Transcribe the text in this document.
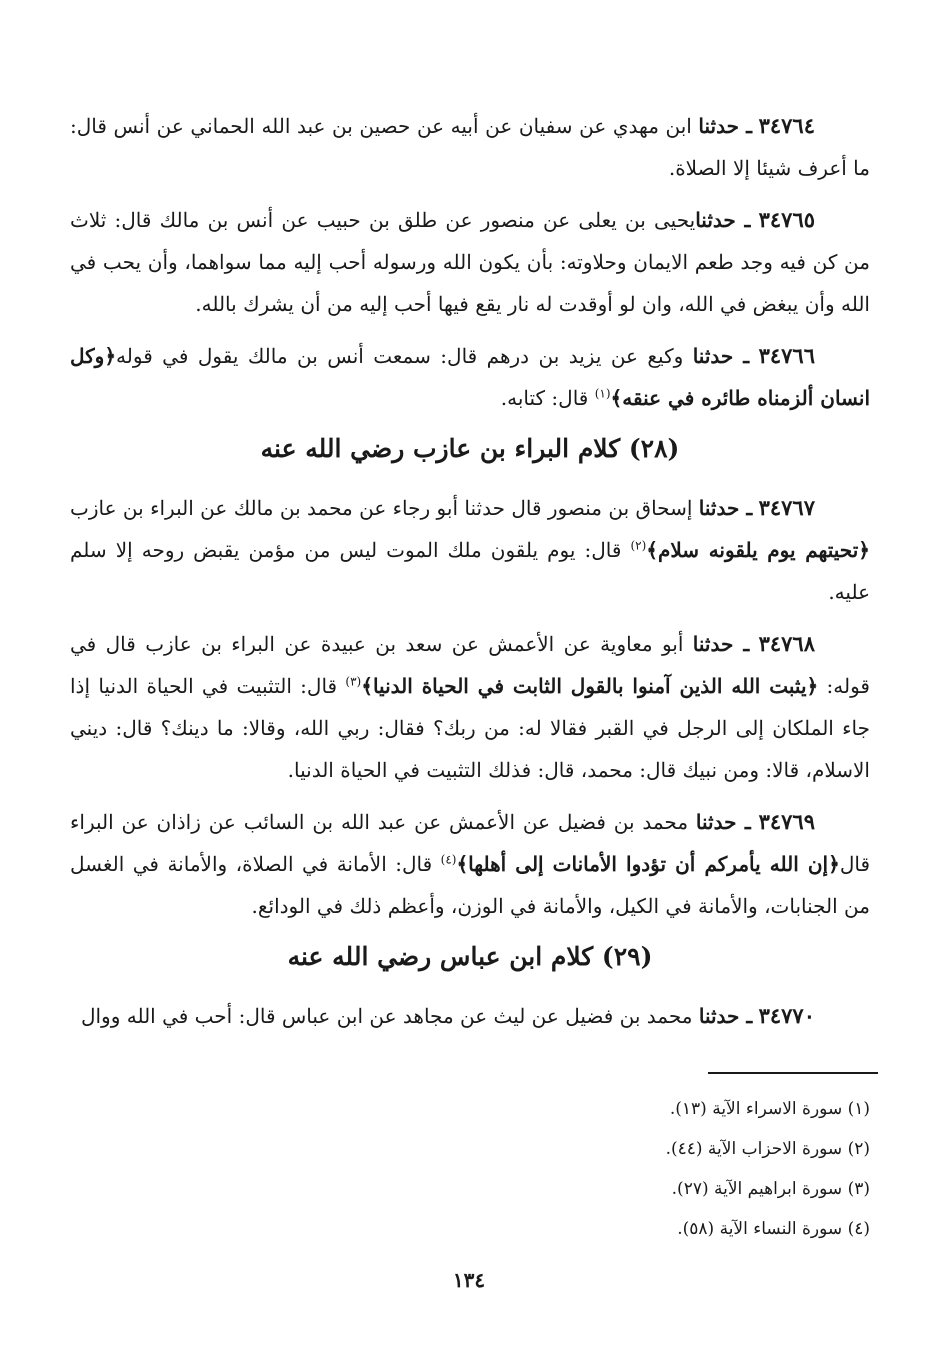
٣٤٧٦٤ ـ حدثنا ابن مهدي عن سفيان عن أبيه عن حصين بن عبد الله الحماني عن أنس قال: ما أعرف شيئا إلا الصلاة.

٣٤٧٦٥ ـ حدثنايحيى بن يعلى عن منصور عن طلق بن حبيب عن أنس بن مالك قال: ثلاث من كن فيه وجد طعم الايمان وحلاوته: بأن يكون الله ورسوله أحب إليه مما سواهما، وأن يحب في الله وأن يبغض في الله، وان لو أوقدت له نار يقع فيها أحب إليه من أن يشرك بالله.

٣٤٧٦٦ ـ حدثنا وكيع عن يزيد بن درهم قال: سمعت أنس بن مالك يقول في قوله﴿وكل انسان ألزمناه طائره في عنقه﴾$^{(١)}$ قال: كتابه.

(٢٨) كلام البراء بن عازب رضي الله عنه

٣٤٧٦٧ ـ حدثنا إسحاق بن منصور قال حدثنا أبو رجاء عن محمد بن مالك عن البراء بن عازب ﴿تحيتهم يوم يلقونه سلام﴾$^{(٢)}$ قال: يوم يلقون ملك الموت ليس من مؤمن يقبض روحه إلا سلم عليه.

٣٤٧٦٨ ـ حدثنا أبو معاوية عن الأعمش عن سعد بن عبيدة عن البراء بن عازب قال في قوله: ﴿يثبت الله الذين آمنوا بالقول الثابت في الحياة الدنيا﴾$^{(٣)}$ قال: التثبيت في الحياة الدنيا إذا جاء الملكان إلى الرجل في القبر فقالا له: من ربك؟ فقال: ربي الله، وقالا: ما دينك؟ قال: ديني الاسلام، قالا: ومن نبيك قال: محمد، قال: فذلك التثبيت في الحياة الدنيا.

٣٤٧٦٩ ـ حدثنا محمد بن فضيل عن الأعمش عن عبد الله بن السائب عن زاذان عن البراء قال﴿إن الله يأمركم أن تؤدوا الأمانات إلى أهلها﴾$^{(٤)}$ قال: الأمانة في الصلاة، والأمانة في الغسل من الجنابات، والأمانة في الكيل، والأمانة في الوزن، وأعظم ذلك في الودائع.

(٢٩) كلام ابن عباس رضي الله عنه

٣٤٧٧٠ ـ حدثنا محمد بن فضيل عن ليث عن مجاهد عن ابن عباس قال: أحب في الله ووال

(١) سورة الاسراء الآية (١٣).
(٢) سورة الاحزاب الآية (٤٤).
(٣) سورة ابراهيم الآية (٢٧).
(٤) سورة النساء الآية (٥٨).
١٣٤
